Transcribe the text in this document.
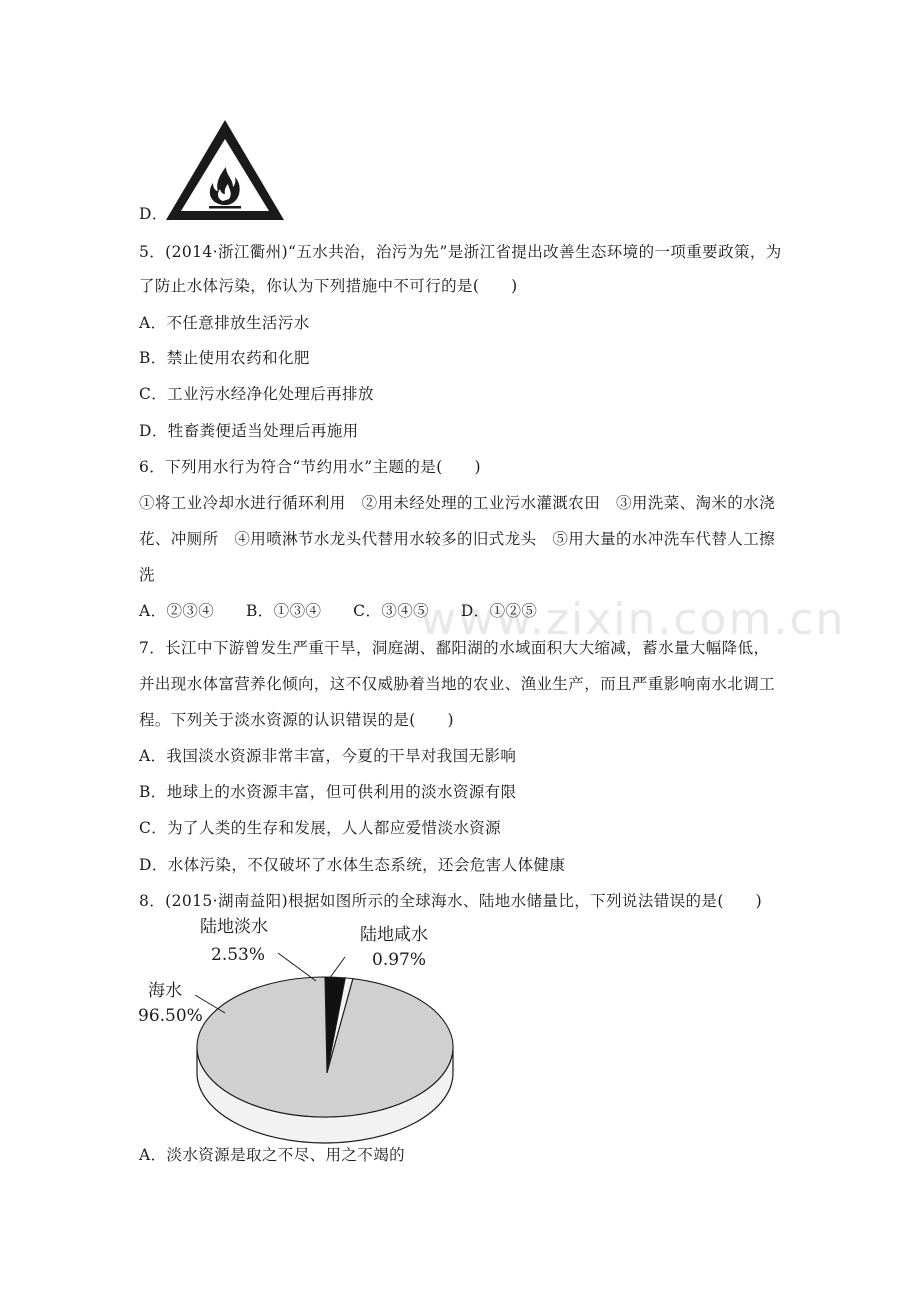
www.zixin.com.cn
D．
5．(2014·浙江衢州)“五水共治，治污为先”是浙江省提出改善生态环境的一项重要政策，为
了防止水体污染，你认为下列措施中不可行的是(　　)
A．不任意排放生活污水
B．禁止使用农药和化肥
C．工业污水经净化处理后再排放
D．牲畜粪便适当处理后再施用
6．下列用水行为符合“节约用水”主题的是(　　)
①将工业冷却水进行循环利用　②用未经处理的工业污水灌溉农田　③用洗菜、淘米的水浇
花、冲厕所　④用喷淋节水龙头代替用水较多的旧式龙头　⑤用大量的水冲洗车代替人工擦
洗
A．②③④　　B．①③④　　C．③④⑤　　D．①②⑤
7．长江中下游曾发生严重干旱，洞庭湖、鄱阳湖的水域面积大大缩减，蓄水量大幅降低，
并出现水体富营养化倾向，这不仅威胁着当地的农业、渔业生产，而且严重影响南水北调工
程。下列关于淡水资源的认识错误的是(　　)
A．我国淡水资源非常丰富，今夏的干旱对我国无影响
B．地球上的水资源丰富，但可供利用的淡水资源有限
C．为了人类的生存和发展，人人都应爱惜淡水资源
D．水体污染，不仅破坏了水体生态系统，还会危害人体健康
8．(2015·湖南益阳)根据如图所示的全球海水、陆地水储量比，下列说法错误的是(　　)
陆地淡水
2.53%
陆地咸水
0.97%
海水
96.50%
A．淡水资源是取之不尽、用之不竭的
